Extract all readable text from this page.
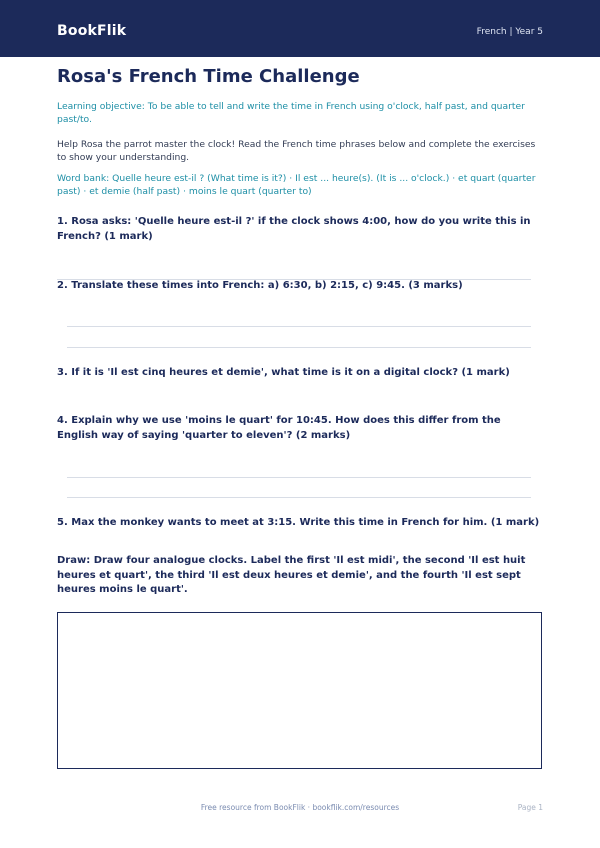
BookFlik	French | Year 5
Rosa's French Time Challenge
Learning objective: To be able to tell and write the time in French using o'clock, half past, and quarter past/to.
Help Rosa the parrot master the clock! Read the French time phrases below and complete the exercises to show your understanding.
Word bank: Quelle heure est-il ? (What time is it?) · Il est ... heure(s). (It is ... o'clock.) · et quart (quarter past) · et demie (half past) · moins le quart (quarter to)
1. Rosa asks: 'Quelle heure est-il ?' if the clock shows 4:00, how do you write this in French? (1 mark)
2. Translate these times into French: a) 6:30, b) 2:15, c) 9:45. (3 marks)
3. If it is 'Il est cinq heures et demie', what time is it on a digital clock? (1 mark)
4. Explain why we use 'moins le quart' for 10:45. How does this differ from the English way of saying 'quarter to eleven'? (2 marks)
5. Max the monkey wants to meet at 3:15. Write this time in French for him. (1 mark)
Draw: Draw four analogue clocks. Label the first 'Il est midi', the second 'Il est huit heures et quart', the third 'Il est deux heures et demie', and the fourth 'Il est sept heures moins le quart'.
Free resource from BookFlik · bookflik.com/resources	Page 1
